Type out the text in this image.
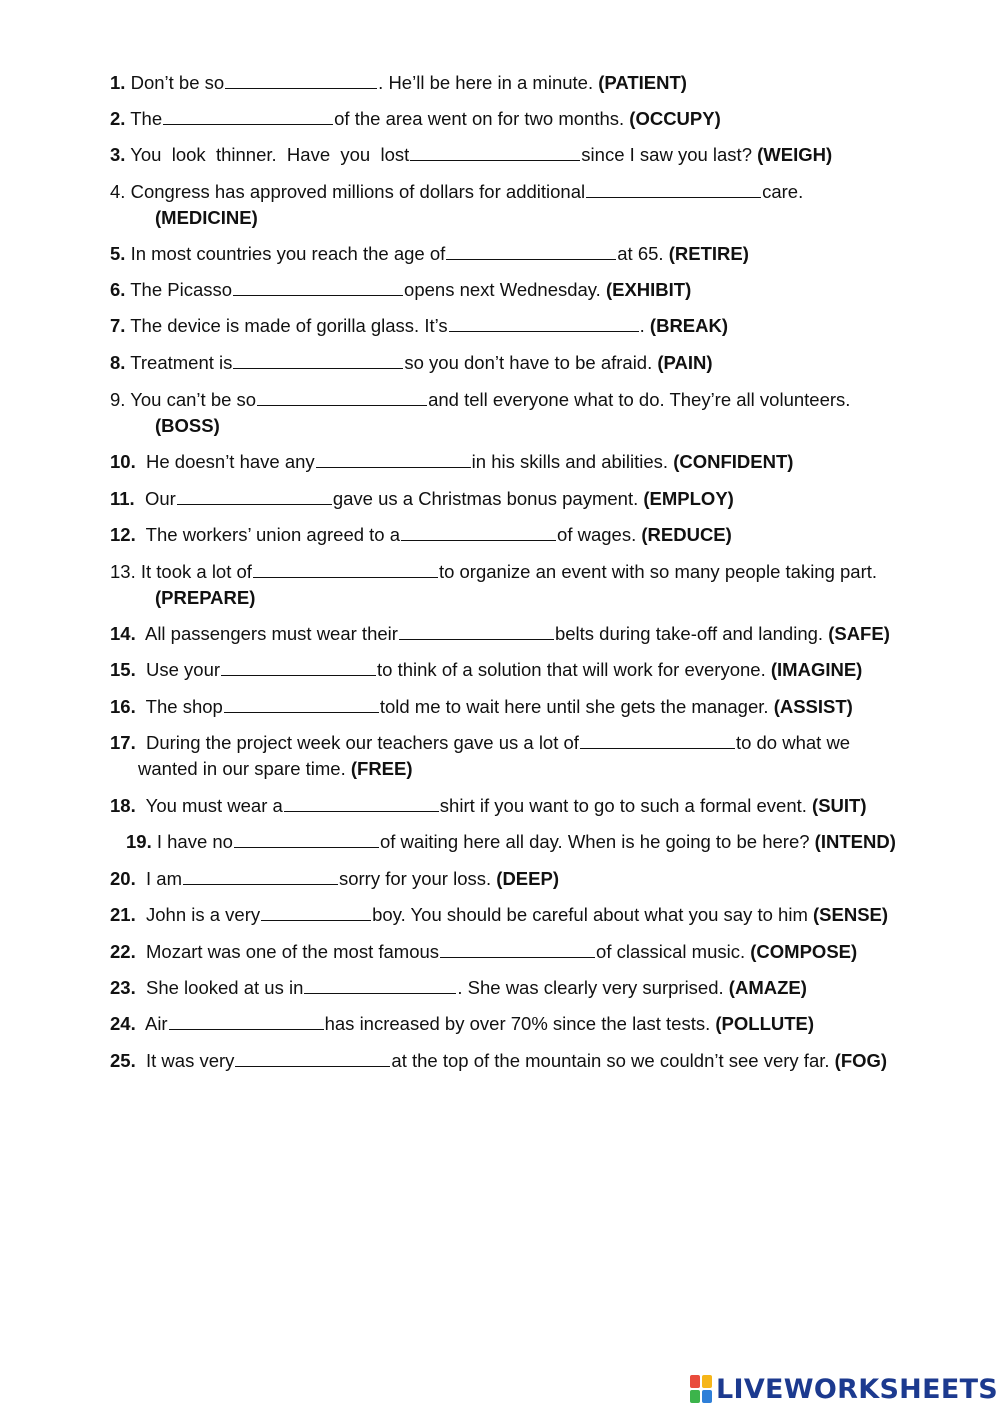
1. Don’t be so	. He’ll be here in a minute. (PATIENT)
2. The	of the area went on for two months. (OCCUPY)
3. You  look  thinner.  Have  you  lost	since I saw you last? (WEIGH)
4. Congress has approved millions of dollars for additional	care.
(MEDICINE)
5. In most countries you reach the age of	at 65. (RETIRE)
6. The Picasso	opens next Wednesday. (EXHIBIT)
7. The device is made of gorilla glass. It’s	. (BREAK)
8. Treatment is	so you don’t have to be afraid. (PAIN)
9. You can’t be so	and tell everyone what to do. They’re all volunteers.
(BOSS)
10. He doesn’t have any	in his skills and abilities. (CONFIDENT)
11. Our	gave us a Christmas bonus payment. (EMPLOY)
12. The workers’ union agreed to a	of wages. (REDUCE)
13. It took a lot of	to organize an event with so many people taking part.
(PREPARE)
14. All passengers must wear their	belts during take-off and landing. (SAFE)
15. Use your	to think of a solution that will work for everyone. (IMAGINE)
16. The shop	told me to wait here until she gets the manager. (ASSIST)
17. During the project week our teachers gave us a lot of	to do what we
wanted in our spare time. (FREE)
18. You must wear a	shirt if you want to go to such a formal event. (SUIT)
19. I have no	of waiting here all day. When is he going to be here? (INTEND)
20. I am	sorry for your loss. (DEEP)
21. John is a very	boy. You should be careful about what you say to him (SENSE)
22. Mozart was one of the most famous	of classical music. (COMPOSE)
23. She looked at us in	. She was clearly very surprised. (AMAZE)
24. Air	has increased by over 70% since the last tests. (POLLUTE)
25. It was very	at the top of the mountain so we couldn’t see very far. (FOG)
LIVEWORKSHEETS
